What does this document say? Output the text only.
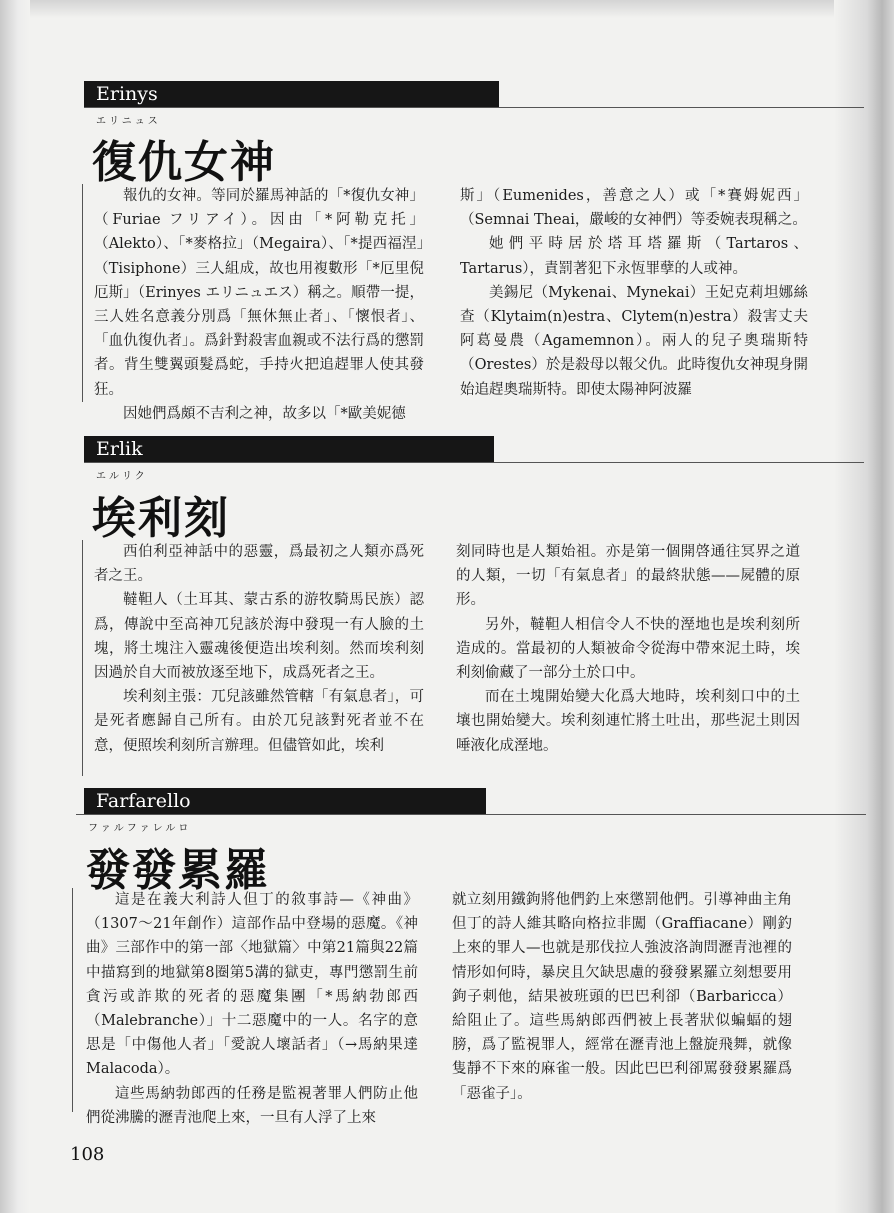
Erinys
エリニュス
復仇女神

報仇的女神。等同於羅馬神話的「*復仇女神」（Furiae フリアイ）。因由「*阿勒克托」（Alekto）、「*麥格拉」（Megaira）、「*提西福涅」（Tisiphone）三人組成，故也用複數形「*厄里倪厄斯」（Erinyes エリニュエス）稱之。順帶一提，三人姓名意義分別爲「無休無止者」、「懷恨者」、「血仇復仇者」。爲針對殺害血親或不法行爲的懲罰者。背生雙翼頭髮爲蛇，手持火把追趕罪人使其發狂。

因她們爲頗不吉利之神，故多以「*歐美妮德

斯」（Eumenides，善意之人）或「*賽姆妮西」（Semnai Theai，嚴峻的女神們）等委婉表現稱之。

她們平時居於塔耳塔羅斯（Tartaros、Tartarus），責罰著犯下永恆罪孽的人或神。

美錫尼（Mykenai、Mynekai）王妃克莉坦娜絲查（Klytaim(n)estra、Clytem(n)estra）殺害丈夫阿葛曼農（Agamemnon）。兩人的兒子奧瑞斯特（Orestes）於是殺母以報父仇。此時復仇女神現身開始追趕奧瑞斯特。即使太陽神阿波羅

Erlik
エルリク
埃利刻

西伯利亞神話中的惡靈，爲最初之人類亦爲死者之王。

韃靼人（土耳其、蒙古系的游牧騎馬民族）認爲，傳說中至高神兀兒該於海中發現一有人臉的土塊，將土塊注入靈魂後便造出埃利刻。然而埃利刻因過於自大而被放逐至地下，成爲死者之王。

埃利刻主張：兀兒該雖然管轄「有氣息者」，可是死者應歸自己所有。由於兀兒該對死者並不在意，便照埃利刻所言辦理。但儘管如此，埃利

刻同時也是人類始祖。亦是第一個開啓通往冥界之道的人類，一切「有氣息者」的最終狀態——屍體的原形。

另外，韃靼人相信令人不快的溼地也是埃利刻所造成的。當最初的人類被命令從海中帶來泥土時，埃利刻偷藏了一部分土於口中。

而在土塊開始變大化爲大地時，埃利刻口中的土壤也開始變大。埃利刻連忙將土吐出，那些泥土則因唾液化成溼地。

Farfarello
ファルファレルロ
發發累羅

這是在義大利詩人但丁的敘事詩—《神曲》（1307～21年創作）這部作品中登場的惡魔。《神曲》三部作中的第一部〈地獄篇〉中第21篇與22篇中描寫到的地獄第8圈第5溝的獄吏，專門懲罰生前貪污或詐欺的死者的惡魔集團「*馬納勃郎西（Malebranche）」十二惡魔中的一人。名字的意思是「中傷他人者」「愛說人壞話者」（→馬納果達 Malacoda）。

這些馬納勃郎西的任務是監視著罪人們防止他們從沸騰的瀝青池爬上來，一旦有人浮了上來

就立刻用鐵鉤將他們釣上來懲罰他們。引導神曲主角但丁的詩人維其略向格拉非闖（Graffiacane）剛釣上來的罪人—也就是那伐拉人強波洛詢問瀝青池裡的情形如何時，暴戾且欠缺思慮的發發累羅立刻想要用鉤子刺他，結果被班頭的巴巴利卻（Barbaricca）給阻止了。這些馬納郎西們被上長著狀似蝙蝠的翅膀，爲了監視罪人，經常在瀝青池上盤旋飛舞，就像隻靜不下來的麻雀一般。因此巴巴利卻罵發發累羅爲「惡雀子」。

108
